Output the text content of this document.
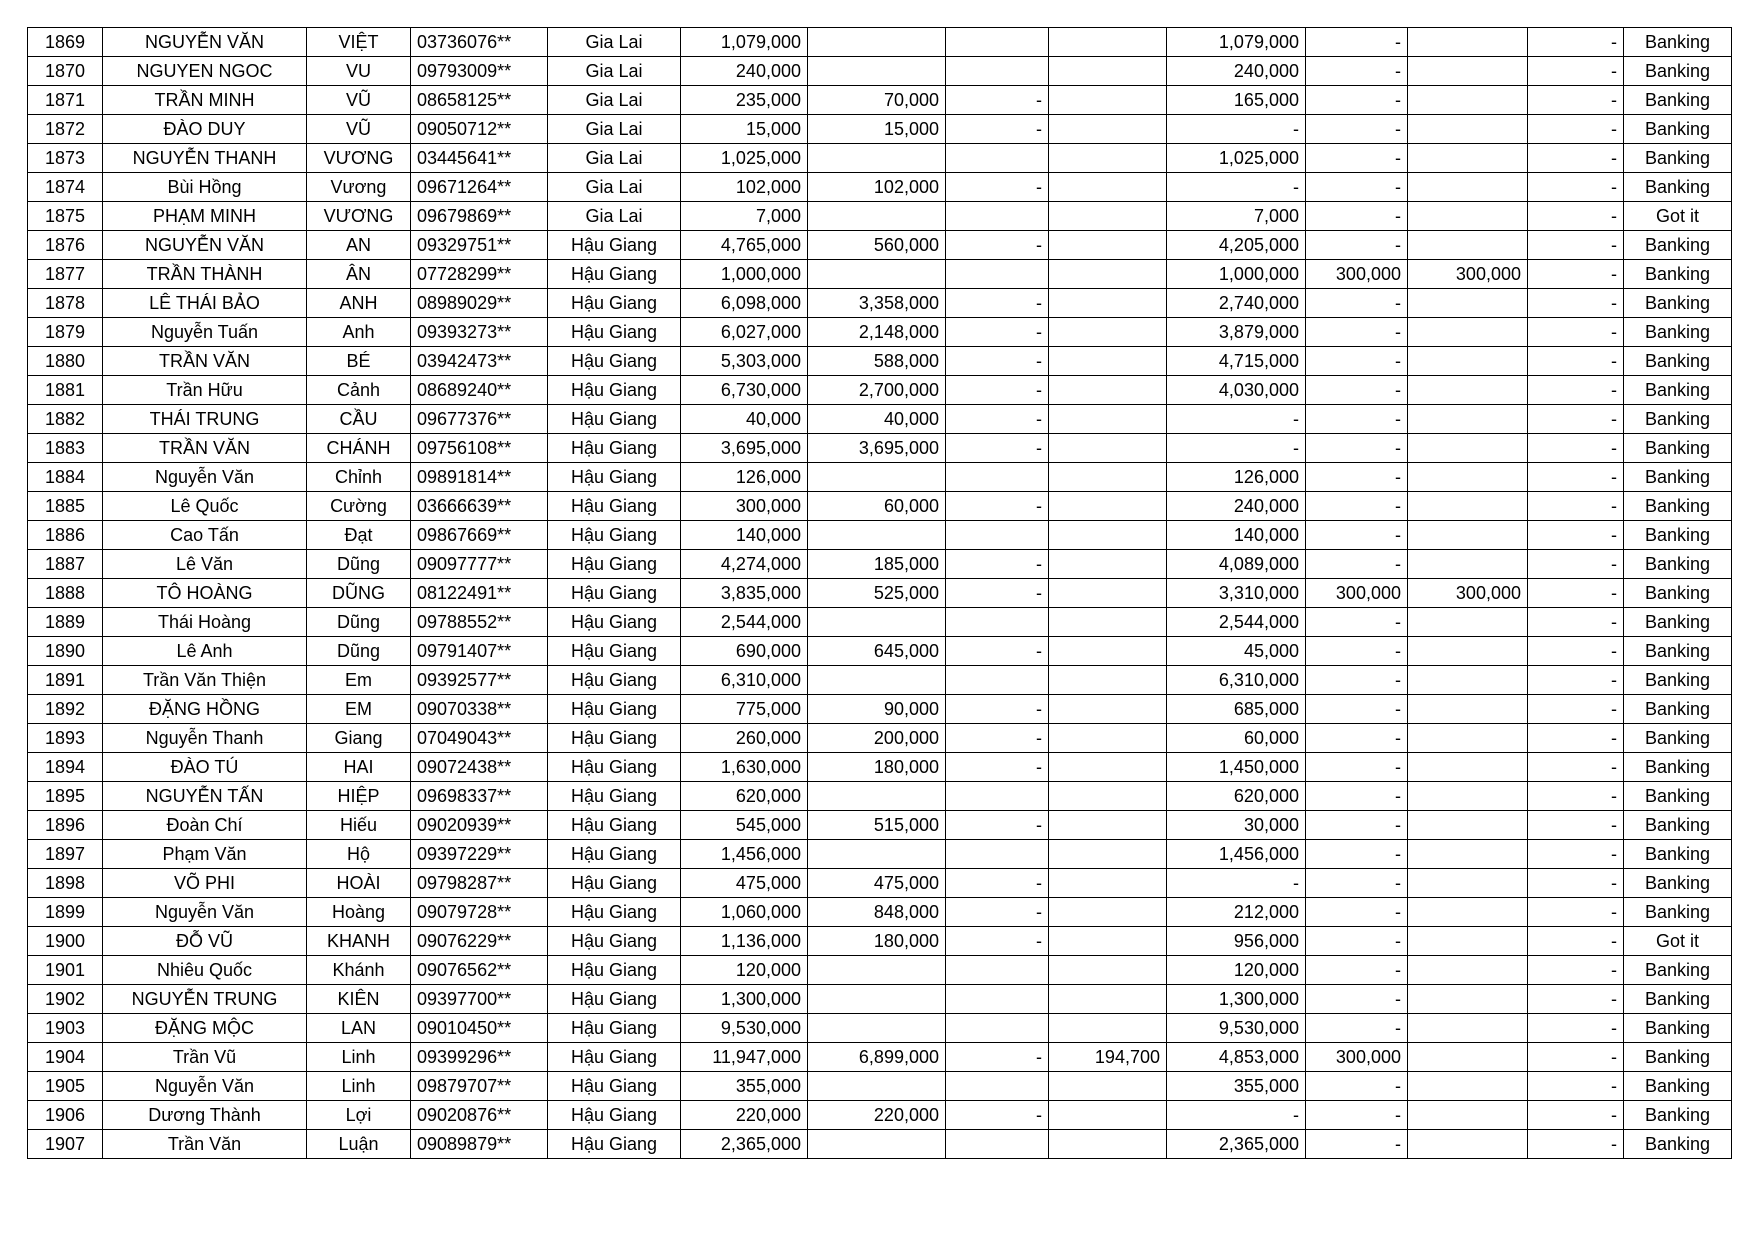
1869	NGUYỄN VĂN	VIỆT	03736076**	Gia Lai	1,079,000				1,079,000	-		-	Banking
1870	NGUYEN NGOC	VU	09793009**	Gia Lai	240,000				240,000	-		-	Banking
1871	TRẦN MINH	VŨ	08658125**	Gia Lai	235,000	70,000	-		165,000	-		-	Banking
1872	ĐÀO DUY	VŨ	09050712**	Gia Lai	15,000	15,000	-		-	-		-	Banking
1873	NGUYỄN THANH	VƯƠNG	03445641**	Gia Lai	1,025,000				1,025,000	-		-	Banking
1874	Bùi Hồng	Vương	09671264**	Gia Lai	102,000	102,000	-		-	-		-	Banking
1875	PHẠM MINH	VƯƠNG	09679869**	Gia Lai	7,000				7,000	-		-	Got it
1876	NGUYỄN VĂN	AN	09329751**	Hậu Giang	4,765,000	560,000	-		4,205,000	-		-	Banking
1877	TRẦN THÀNH	ÂN	07728299**	Hậu Giang	1,000,000				1,000,000	300,000	300,000	-	Banking
1878	LÊ THÁI BẢO	ANH	08989029**	Hậu Giang	6,098,000	3,358,000	-		2,740,000	-		-	Banking
1879	Nguyễn Tuấn	Anh	09393273**	Hậu Giang	6,027,000	2,148,000	-		3,879,000	-		-	Banking
1880	TRẦN VĂN	BÉ	03942473**	Hậu Giang	5,303,000	588,000	-		4,715,000	-		-	Banking
1881	Trần Hữu	Cảnh	08689240**	Hậu Giang	6,730,000	2,700,000	-		4,030,000	-		-	Banking
1882	THÁI TRUNG	CẦU	09677376**	Hậu Giang	40,000	40,000	-		-	-		-	Banking
1883	TRẦN VĂN	CHÁNH	09756108**	Hậu Giang	3,695,000	3,695,000	-		-	-		-	Banking
1884	Nguyễn Văn	Chỉnh	09891814**	Hậu Giang	126,000				126,000	-		-	Banking
1885	Lê Quốc	Cường	03666639**	Hậu Giang	300,000	60,000	-		240,000	-		-	Banking
1886	Cao Tấn	Đạt	09867669**	Hậu Giang	140,000				140,000	-		-	Banking
1887	Lê Văn	Dũng	09097777**	Hậu Giang	4,274,000	185,000	-		4,089,000	-		-	Banking
1888	TÔ HOÀNG	DŨNG	08122491**	Hậu Giang	3,835,000	525,000	-		3,310,000	300,000	300,000	-	Banking
1889	Thái Hoàng	Dũng	09788552**	Hậu Giang	2,544,000				2,544,000	-		-	Banking
1890	Lê Anh	Dũng	09791407**	Hậu Giang	690,000	645,000	-		45,000	-		-	Banking
1891	Trần Văn Thiện	Em	09392577**	Hậu Giang	6,310,000				6,310,000	-		-	Banking
1892	ĐẶNG HỒNG	EM	09070338**	Hậu Giang	775,000	90,000	-		685,000	-		-	Banking
1893	Nguyễn Thanh	Giang	07049043**	Hậu Giang	260,000	200,000	-		60,000	-		-	Banking
1894	ĐÀO TÚ	HAI	09072438**	Hậu Giang	1,630,000	180,000	-		1,450,000	-		-	Banking
1895	NGUYỄN TẤN	HIỆP	09698337**	Hậu Giang	620,000				620,000	-		-	Banking
1896	Đoàn Chí	Hiếu	09020939**	Hậu Giang	545,000	515,000	-		30,000	-		-	Banking
1897	Phạm Văn	Hộ	09397229**	Hậu Giang	1,456,000				1,456,000	-		-	Banking
1898	VÕ PHI	HOÀI	09798287**	Hậu Giang	475,000	475,000	-		-	-		-	Banking
1899	Nguyễn Văn	Hoàng	09079728**	Hậu Giang	1,060,000	848,000	-		212,000	-		-	Banking
1900	ĐỖ VŨ	KHANH	09076229**	Hậu Giang	1,136,000	180,000	-		956,000	-		-	Got it
1901	Nhiêu Quốc	Khánh	09076562**	Hậu Giang	120,000				120,000	-		-	Banking
1902	NGUYỄN TRUNG	KIÊN	09397700**	Hậu Giang	1,300,000				1,300,000	-		-	Banking
1903	ĐẶNG MỘC	LAN	09010450**	Hậu Giang	9,530,000				9,530,000	-		-	Banking
1904	Trần Vũ	Linh	09399296**	Hậu Giang	11,947,000	6,899,000	-	194,700	4,853,000	300,000		-	Banking
1905	Nguyễn Văn	Linh	09879707**	Hậu Giang	355,000				355,000	-		-	Banking
1906	Dương Thành	Lợi	09020876**	Hậu Giang	220,000	220,000	-		-	-		-	Banking
1907	Trần Văn	Luận	09089879**	Hậu Giang	2,365,000				2,365,000	-		-	Banking
